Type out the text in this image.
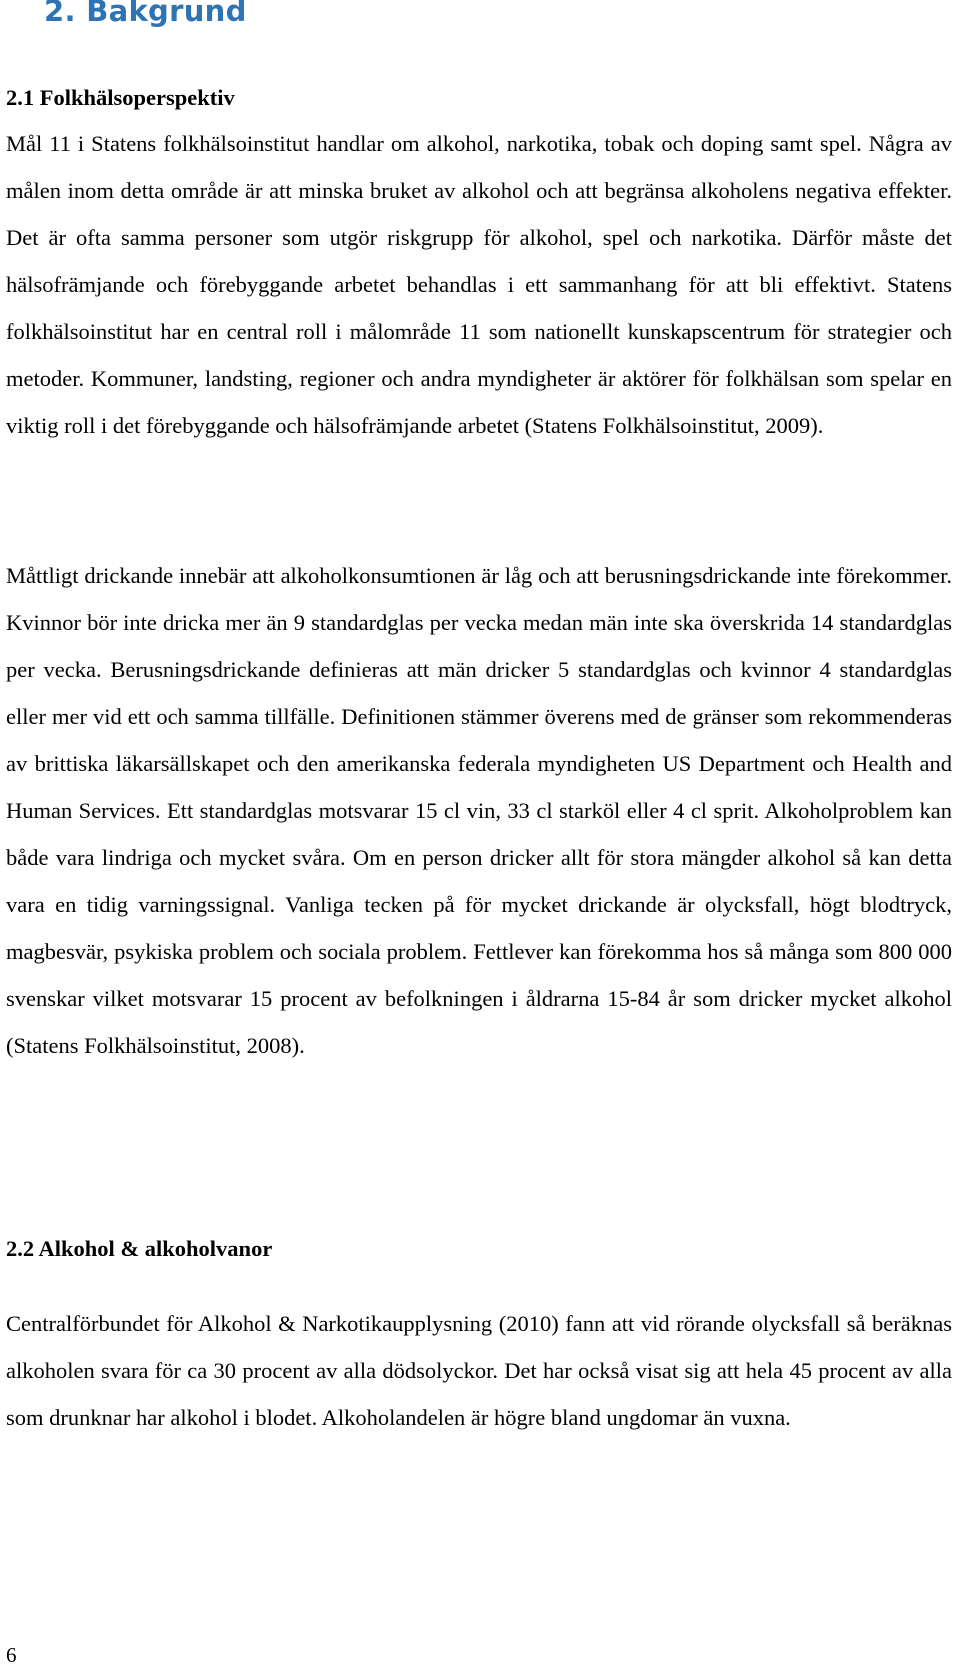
2. Bakgrund
2.1 Folkhälsoperspektiv

Mål 11 i Statens folkhälsoinstitut handlar om alkohol, narkotika, tobak och doping samt spel. Några av målen inom detta område är att minska bruket av alkohol och att begränsa alkoholens negativa effekter. Det är ofta samma personer som utgör riskgrupp för alkohol, spel och narkotika. Därför måste det hälsofrämjande och förebyggande arbetet behandlas i ett sammanhang för att bli effektivt. Statens folkhälsoinstitut har en central roll i målområde 11 som nationellt kunskapscentrum för strategier och metoder. Kommuner, landsting, regioner och andra myndigheter är aktörer för folkhälsan som spelar en viktig roll i det förebyggande och hälsofrämjande arbetet (Statens Folkhälsoinstitut, 2009).

Måttligt drickande innebär att alkoholkonsumtionen är låg och att berusningsdrickande inte förekommer. Kvinnor bör inte dricka mer än 9 standardglas per vecka medan män inte ska överskrida 14 standardglas per vecka. Berusningsdrickande definieras att män dricker 5 standardglas och kvinnor 4 standardglas eller mer vid ett och samma tillfälle. Definitionen stämmer överens med de gränser som rekommenderas av brittiska läkarsällskapet och den amerikanska federala myndigheten US Department och Health and Human Services. Ett standardglas motsvarar 15 cl vin, 33 cl starköl eller 4 cl sprit. Alkoholproblem kan både vara lindriga och mycket svåra. Om en person dricker allt för stora mängder alkohol så kan detta vara en tidig varningssignal. Vanliga tecken på för mycket drickande är olycksfall, högt blodtryck, magbesvär, psykiska problem och sociala problem. Fettlever kan förekomma hos så många som 800 000 svenskar vilket motsvarar 15 procent av befolkningen i åldrarna 15-84 år som dricker mycket alkohol (Statens Folkhälsoinstitut, 2008).

2.2 Alkohol & alkoholvanor

Centralförbundet för Alkohol & Narkotikaupplysning (2010) fann att vid rörande olycksfall så beräknas alkoholen svara för ca 30 procent av alla dödsolyckor. Det har också visat sig att hela 45 procent av alla som drunknar har alkohol i blodet. Alkoholandelen är högre bland ungdomar än vuxna.

6
